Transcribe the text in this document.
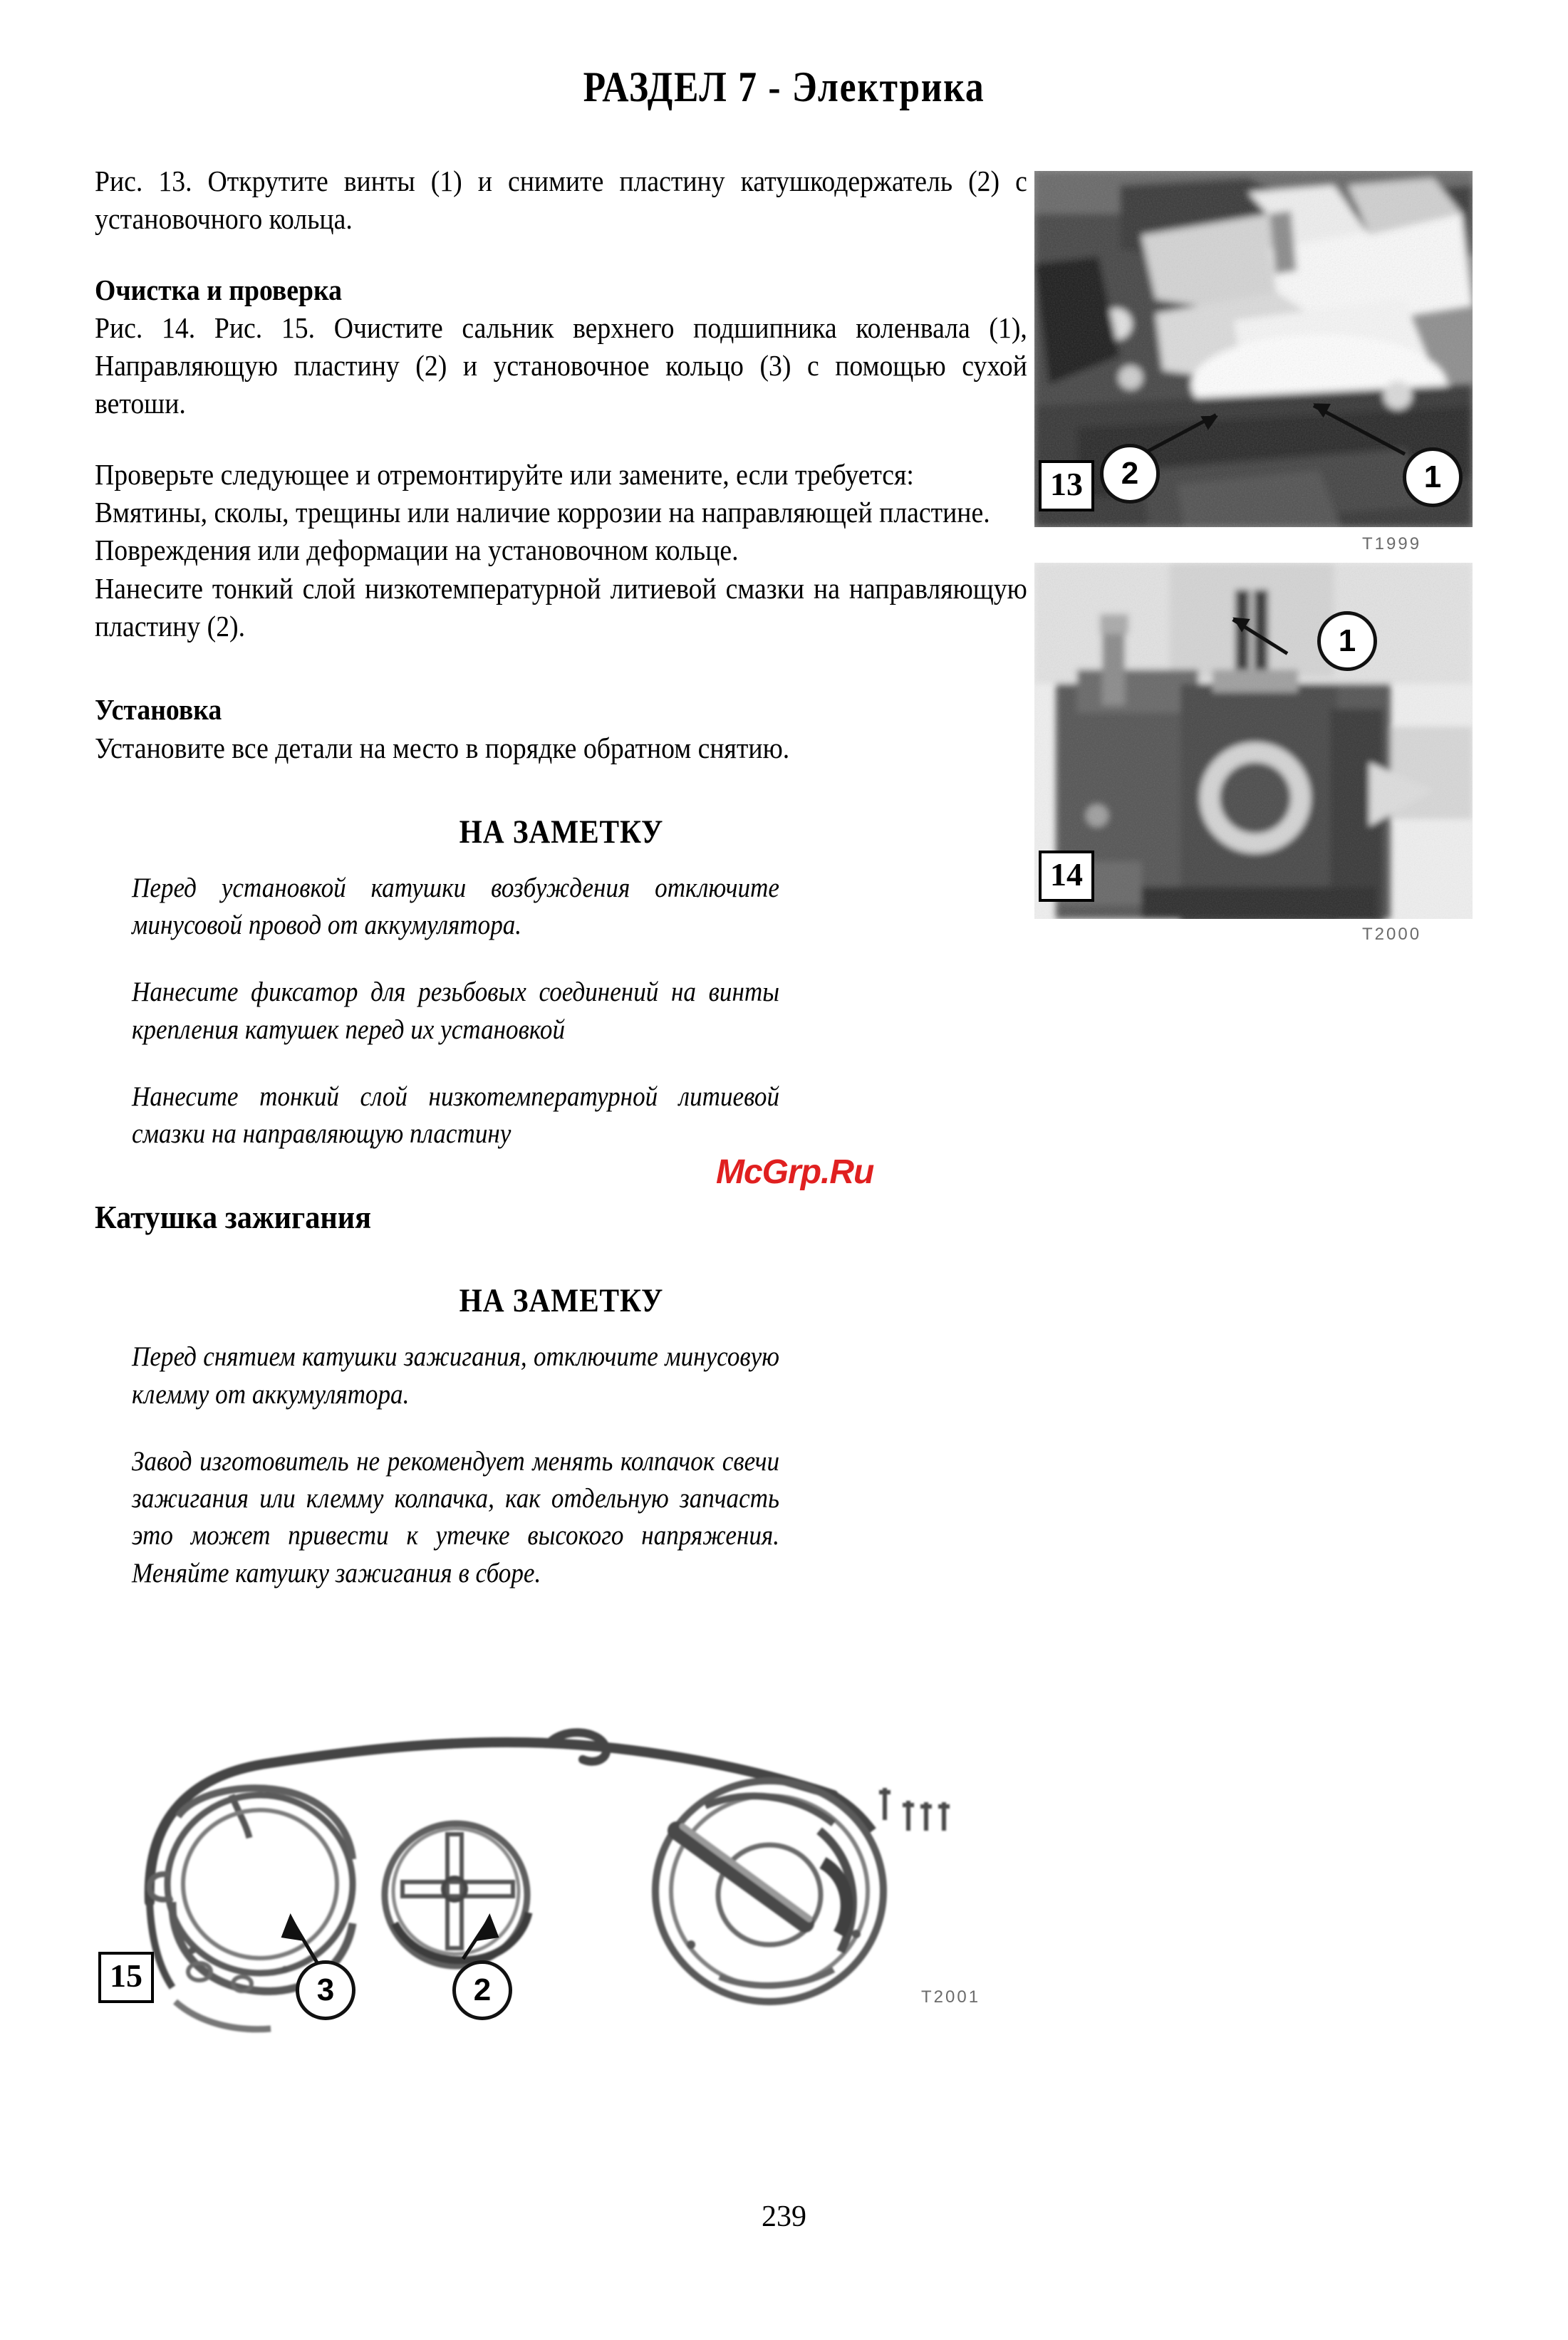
РАЗДЕЛ 7 - Электрика

Рис. 13. Открутите винты (1) и снимите пластину катушкодержатель (2) с установочного кольца.

Очистка и проверка

Рис. 14. Рис. 15. Очистите сальник верхнего подшипника коленвала (1), Направляющую пластину (2) и установочное кольцо (3) с помощью сухой ветоши.

Проверьте следующее и отремонтируйте или замените, если требуется:

Вмятины, сколы, трещины или наличие коррозии на направляющей пластине.

Повреждения или деформации на установочном кольце.

Нанесите тонкий слой низкотемпературной литиевой смазки на направляющую пластину (2).

Установка

Установите все детали на место в порядке обратном снятию.

НА ЗАМЕТКУ

Перед установкой катушки возбуждения отключите минусовой провод от аккумулятора.

Нанесите фиксатор для резьбовых соединений на винты крепления катушек перед их установкой

Нанесите тонкий слой низкотемпературной литиевой смазки на направляющую пластину

Катушка зажигания
НА ЗАМЕТКУ

Перед снятием катушки зажигания, отключите минусовую клемму от аккумулятора.

Завод изготовитель не рекомендует менять колпачок свечи зажигания или клемму колпачка, как отдельную запчасть это может привести к утечке высокого напряжения. Меняйте катушку зажигания в сборе.

McGrp.Ru
2	1
13
T1999
1
14
T2000
3	2
15
T2001
239
